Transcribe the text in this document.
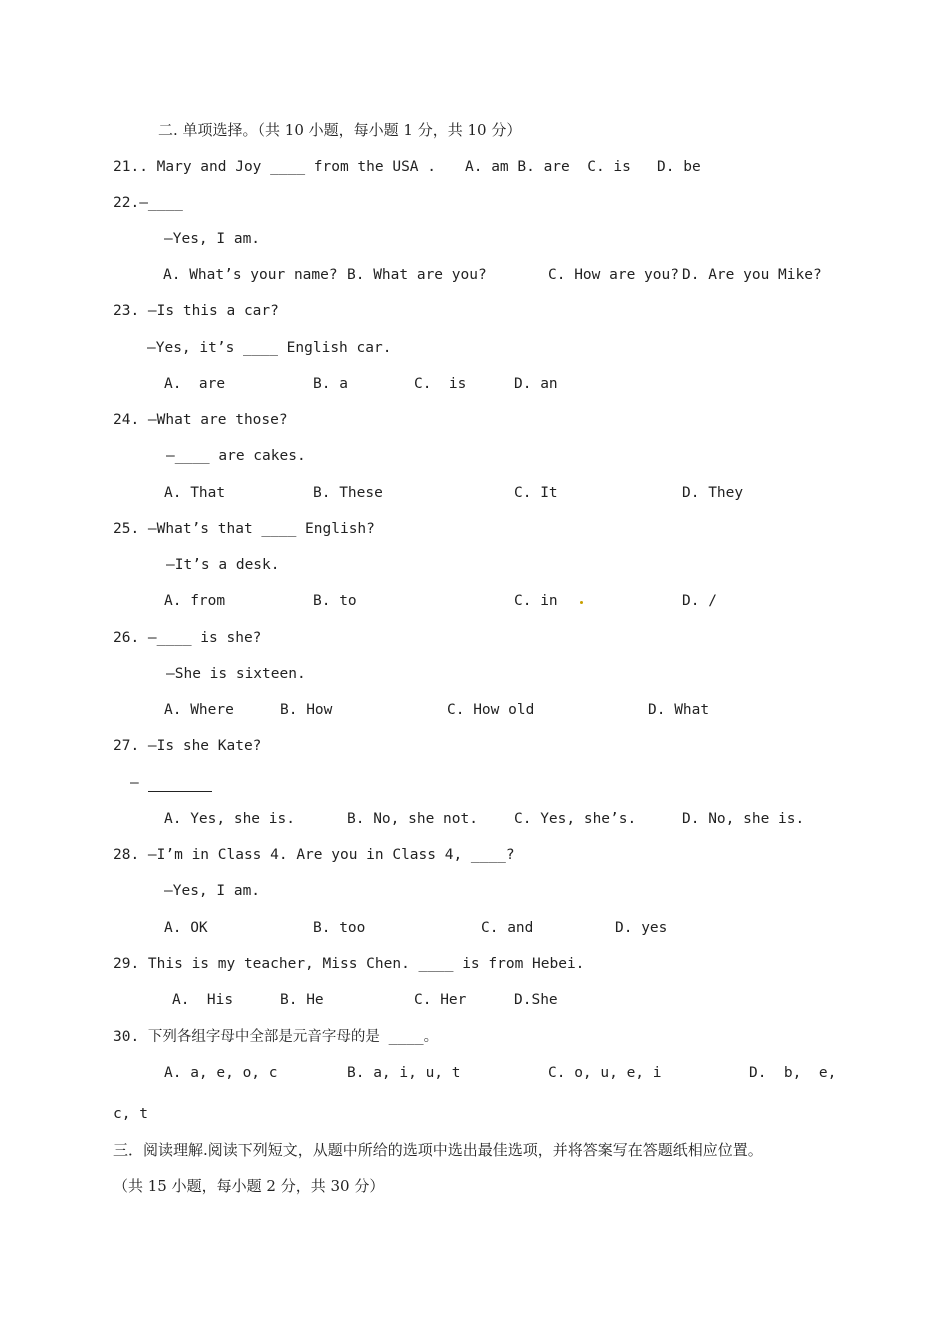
二. 单项选择。（共 10 小题，每小题 1 分，共 10 分）
21.. Mary and Joy ____ from the USA . A. am B. are  C. is   D. be
22.—____
—Yes, I am.
A. What’s your name? B. What are you?	C. How are you? D. Are you Mike?
23. —Is this a car?
—Yes, it’s ____ English car.
A.  are	B. a	C.  is	D. an
24. —What are those?
—____ are cakes.
A. That	B. These	C. It	D. They
25. —What’s that ____ English?
—It’s a desk.
A. from	B. to	C. in	D. /
26. —____ is she?
—She is sixteen.
A. Where	B. How	C. How old	D. What
27. —Is she Kate?
—
A. Yes, she is.	B. No, she not. C. Yes, she’s.	D. No, she is.
28. —I’m in Class 4. Are you in Class 4, ____?
—Yes, I am.
A. OK	B. too	C. and	D. yes
29. This is my teacher, Miss Chen. ____ is from Hebei.
A.  His	B. He	C. Her	D.She
30. 下列各组字母中全部是元音字母的是 ____。
A. a, e, o, c	B. a, i, u, t	C. o, u, e, i	D.  b,  e,
c, t
三．阅读理解.阅读下列短文，从题中所给的选项中选出最佳选项，并将答案写在答题纸相应位置。
（共 15 小题，每小题 2 分，共 30 分）
